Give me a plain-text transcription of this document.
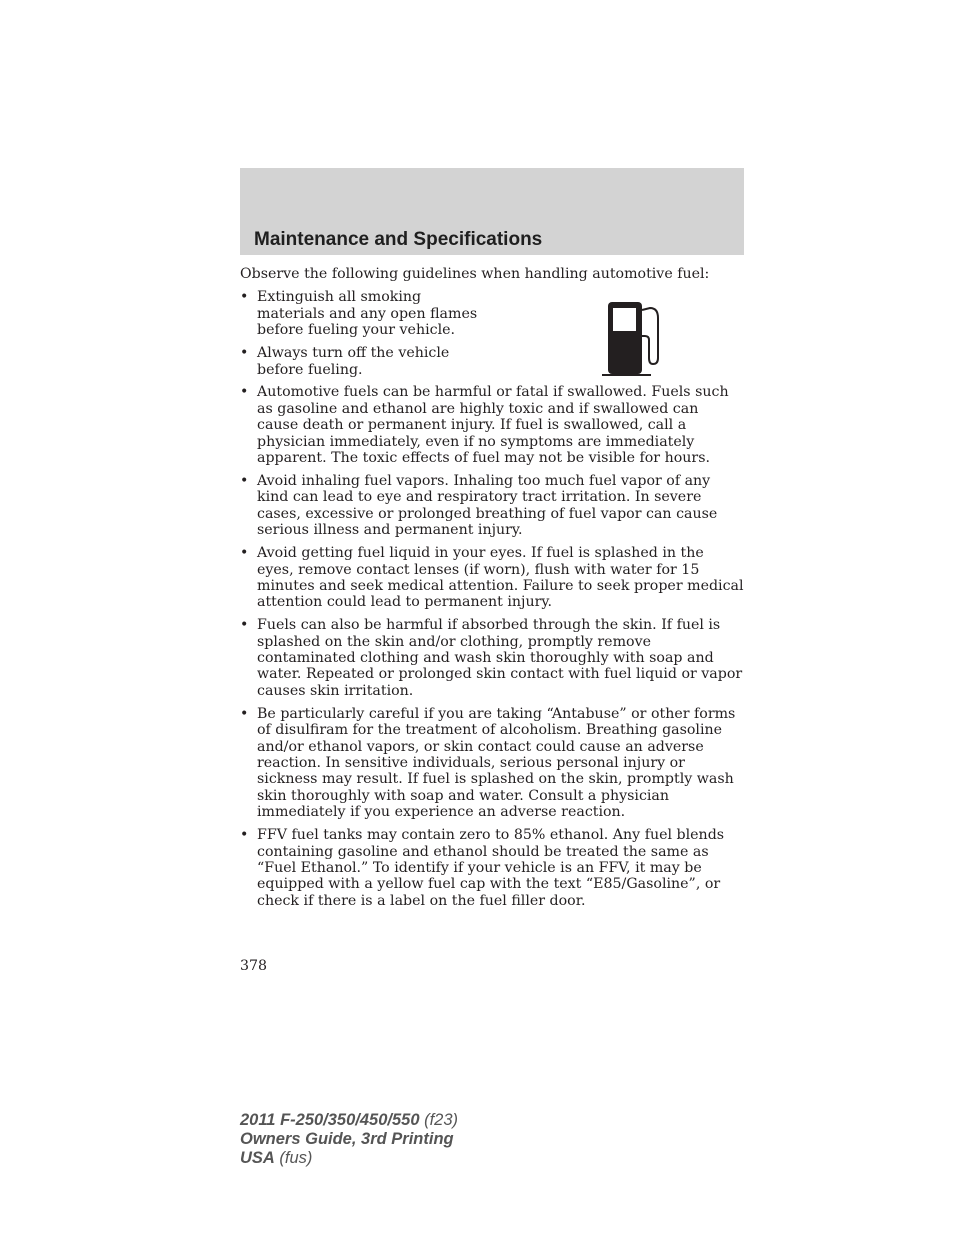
Maintenance and Specifications

Observe the following guidelines when handling automotive fuel:

• Extinguish all smoking materials and any open flames before fueling your vehicle.
• Always turn off the vehicle before fueling.
• Automotive fuels can be harmful or fatal if swallowed. Fuels such as gasoline and ethanol are highly toxic and if swallowed can cause death or permanent injury. If fuel is swallowed, call a physician immediately, even if no symptoms are immediately apparent. The toxic effects of fuel may not be visible for hours.
• Avoid inhaling fuel vapors. Inhaling too much fuel vapor of any kind can lead to eye and respiratory tract irritation. In severe cases, excessive or prolonged breathing of fuel vapor can cause serious illness and permanent injury.
• Avoid getting fuel liquid in your eyes. If fuel is splashed in the eyes, remove contact lenses (if worn), flush with water for 15 minutes and seek medical attention. Failure to seek proper medical attention could lead to permanent injury.
• Fuels can also be harmful if absorbed through the skin. If fuel is splashed on the skin and/or clothing, promptly remove contaminated clothing and wash skin thoroughly with soap and water. Repeated or prolonged skin contact with fuel liquid or vapor causes skin irritation.
• Be particularly careful if you are taking “Antabuse” or other forms of disulfiram for the treatment of alcoholism. Breathing gasoline and/or ethanol vapors, or skin contact could cause an adverse reaction. In sensitive individuals, serious personal injury or sickness may result. If fuel is splashed on the skin, promptly wash skin thoroughly with soap and water. Consult a physician immediately if you experience an adverse reaction.
• FFV fuel tanks may contain zero to 85% ethanol. Any fuel blends containing gasoline and ethanol should be treated the same as “Fuel Ethanol.” To identify if your vehicle is an FFV, it may be equipped with a yellow fuel cap with the text “E85/Gasoline”, or check if there is a label on the fuel filler door.

378

2011 F-250/350/450/550 (f23)
Owners Guide, 3rd Printing
USA (fus)
